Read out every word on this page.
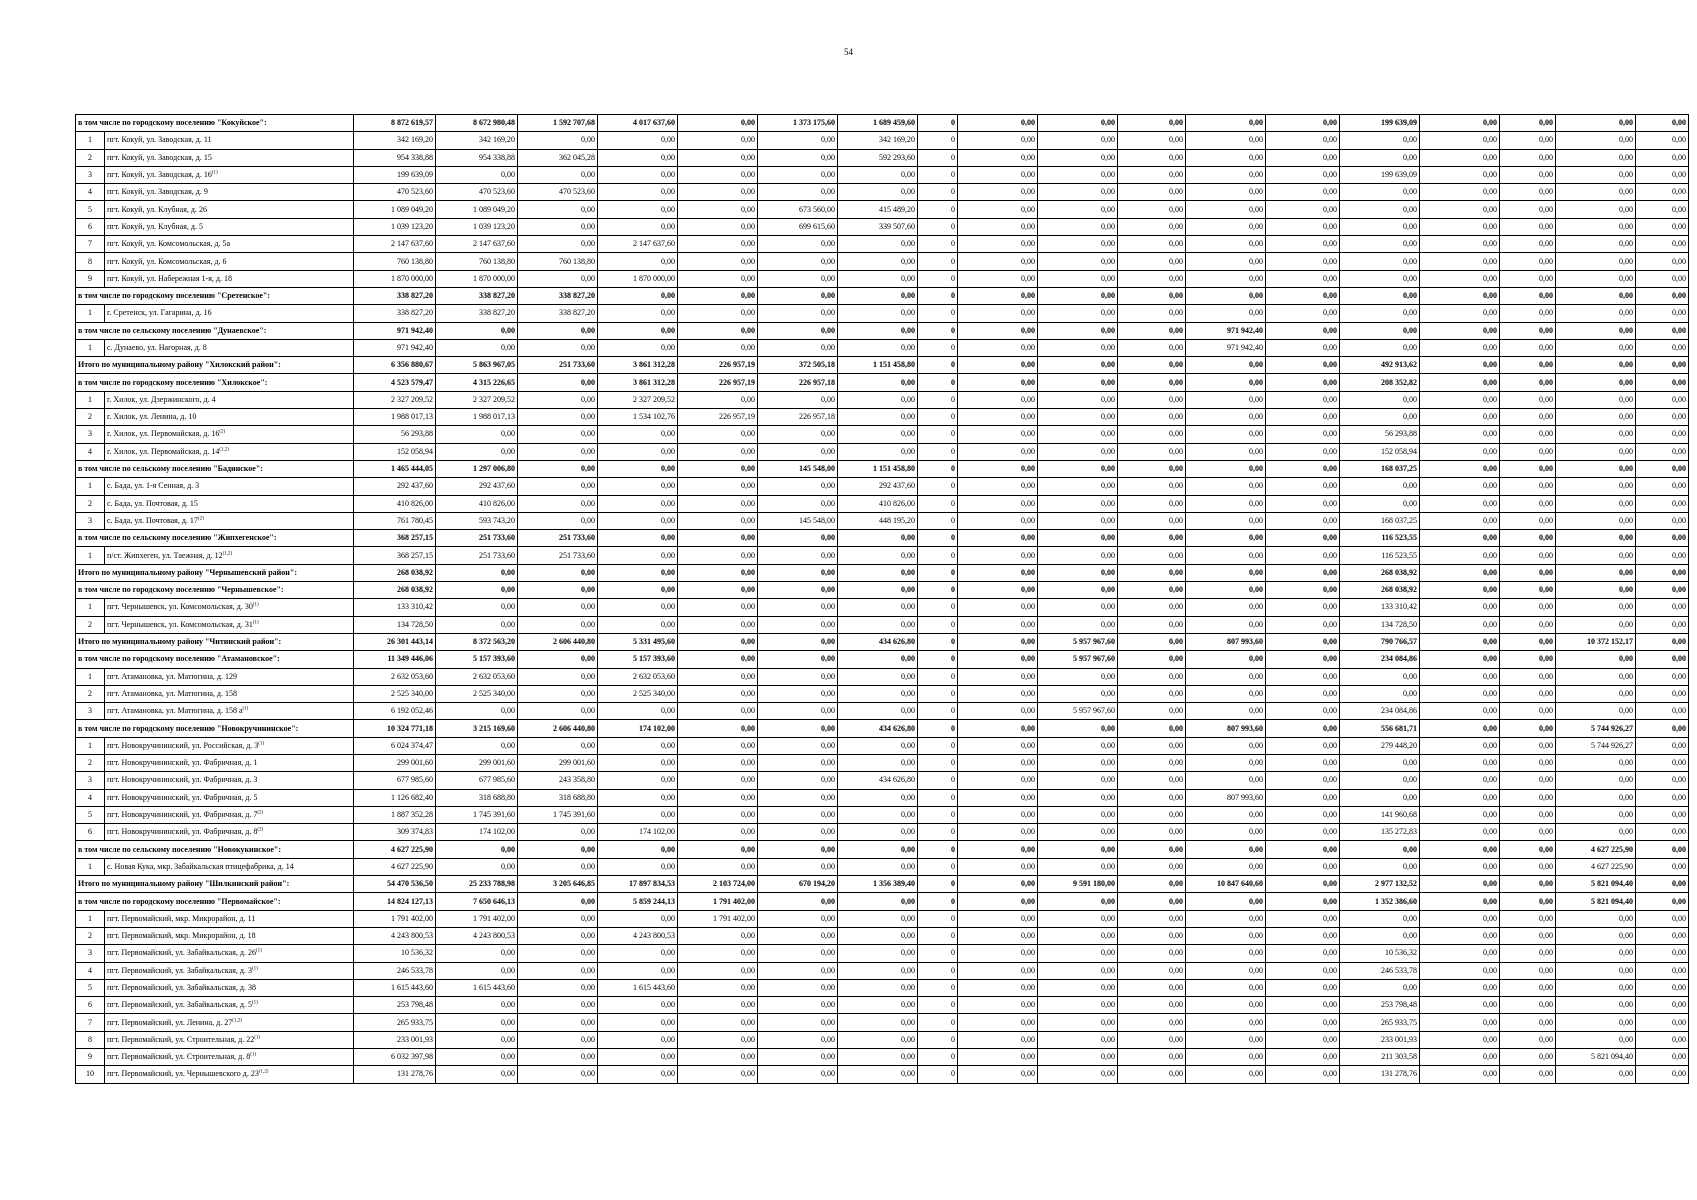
54
в том числе по городскому поселению "Кокуйское":		8 872 619,57	8 672 980,48	1 592 707,68	4 017 637,60	0,00	1 373 175,60	1 689 459,60	0	0,00	0,00	0,00	0,00	0,00	199 639,09	0,00	0,00	0,00	0,00
1	пгт. Кокуй, ул. Заводская, д. 11	342 169,20	342 169,20	0,00	0,00	0,00	0,00	342 169,20	0	0,00	0,00	0,00	0,00	0,00	0,00	0,00	0,00	0,00	0,00
2	пгт. Кокуй, ул. Заводская, д. 15	954 338,88	954 338,88	362 045,28	0,00	0,00	0,00	592 293,60	0	0,00	0,00	0,00	0,00	0,00	0,00	0,00	0,00	0,00	0,00
3	пгт. Кокуй, ул. Заводская, д. 16$^{(1)}$	199 639,09	0,00	0,00	0,00	0,00	0,00	0,00	0	0,00	0,00	0,00	0,00	0,00	199 639,09	0,00	0,00	0,00	0,00
4	пгт. Кокуй, ул. Заводская, д. 9	470 523,60	470 523,60	470 523,60	0,00	0,00	0,00	0,00	0	0,00	0,00	0,00	0,00	0,00	0,00	0,00	0,00	0,00	0,00
5	пгт. Кокуй, ул. Клубная, д. 26	1 089 049,20	1 089 049,20	0,00	0,00	0,00	673 560,00	415 489,20	0	0,00	0,00	0,00	0,00	0,00	0,00	0,00	0,00	0,00	0,00
6	пгт. Кокуй, ул. Клубная, д. 5	1 039 123,20	1 039 123,20	0,00	0,00	0,00	699 615,60	339 507,60	0	0,00	0,00	0,00	0,00	0,00	0,00	0,00	0,00	0,00	0,00
7	пгт. Кокуй, ул. Комсомольская, д. 5а	2 147 637,60	2 147 637,60	0,00	2 147 637,60	0,00	0,00	0,00	0	0,00	0,00	0,00	0,00	0,00	0,00	0,00	0,00	0,00	0,00
8	пгт. Кокуй, ул. Комсомольская, д. 6	760 138,80	760 138,80	760 138,80	0,00	0,00	0,00	0,00	0	0,00	0,00	0,00	0,00	0,00	0,00	0,00	0,00	0,00	0,00
9	пгт. Кокуй, ул. Набережная 1-я, д. 18	1 870 000,00	1 870 000,00	0,00	1 870 000,00	0,00	0,00	0,00	0	0,00	0,00	0,00	0,00	0,00	0,00	0,00	0,00	0,00	0,00
в том числе по городскому поселению "Сретенское":		338 827,20	338 827,20	338 827,20	0,00	0,00	0,00	0,00	0	0,00	0,00	0,00	0,00	0,00	0,00	0,00	0,00	0,00	0,00
1	г. Сретенск, ул. Гагарина, д. 16	338 827,20	338 827,20	338 827,20	0,00	0,00	0,00	0,00	0	0,00	0,00	0,00	0,00	0,00	0,00	0,00	0,00	0,00	0,00
в том числе по сельскому поселению "Дунаевское":		971 942,40	0,00	0,00	0,00	0,00	0,00	0,00	0	0,00	0,00	0,00	971 942,40	0,00	0,00	0,00	0,00	0,00	0,00
1	с. Дунаево, ул. Нагорная, д. 8	971 942,40	0,00	0,00	0,00	0,00	0,00	0,00	0	0,00	0,00	0,00	971 942,40	0,00	0,00	0,00	0,00	0,00	0,00
Итого по муниципальному району "Хилокский район":		6 356 880,67	5 863 967,05	251 733,60	3 861 312,28	226 957,19	372 505,18	1 151 458,80	0	0,00	0,00	0,00	0,00	0,00	492 913,62	0,00	0,00	0,00	0,00
в том числе по городскому поселению "Хилокское":		4 523 579,47	4 315 226,65	0,00	3 861 312,28	226 957,19	226 957,18	0,00	0	0,00	0,00	0,00	0,00	0,00	208 352,82	0,00	0,00	0,00	0,00
1	г. Хилок, ул. Дзержинского, д. 4	2 327 209,52	2 327 209,52	0,00	2 327 209,52	0,00	0,00	0,00	0	0,00	0,00	0,00	0,00	0,00	0,00	0,00	0,00	0,00	0,00
2	г. Хилок, ул. Ленина, д. 10	1 988 017,13	1 988 017,13	0,00	1 534 102,76	226 957,19	226 957,18	0,00	0	0,00	0,00	0,00	0,00	0,00	0,00	0,00	0,00	0,00	0,00
3	г. Хилок, ул. Первомайская, д. 16$^{(2)}$	56 293,88	0,00	0,00	0,00	0,00	0,00	0,00	0	0,00	0,00	0,00	0,00	0,00	56 293,88	0,00	0,00	0,00	0,00
4	г. Хилок, ул. Первомайская, д. 14$^{(1,2)}$	152 058,94	0,00	0,00	0,00	0,00	0,00	0,00	0	0,00	0,00	0,00	0,00	0,00	152 058,94	0,00	0,00	0,00	0,00
в том числе по сельскому поселению "Бадинское":		1 465 444,05	1 297 006,80	0,00	0,00	0,00	145 548,00	1 151 458,80	0	0,00	0,00	0,00	0,00	0,00	168 037,25	0,00	0,00	0,00	0,00
1	с. Бада, ул. 1-я Сенная, д. 3	292 437,60	292 437,60	0,00	0,00	0,00	0,00	292 437,60	0	0,00	0,00	0,00	0,00	0,00	0,00	0,00	0,00	0,00	0,00
2	с. Бада, ул. Почтовая, д. 15	410 826,00	410 826,00	0,00	0,00	0,00	0,00	410 826,00	0	0,00	0,00	0,00	0,00	0,00	0,00	0,00	0,00	0,00	0,00
3	с. Бада, ул. Почтовая, д. 17$^{(2)}$	761 780,45	593 743,20	0,00	0,00	0,00	145 548,00	448 195,20	0	0,00	0,00	0,00	0,00	0,00	168 037,25	0,00	0,00	0,00	0,00
в том числе по сельскому поселению "Жипхегенское":		368 257,15	251 733,60	251 733,60	0,00	0,00	0,00	0,00	0	0,00	0,00	0,00	0,00	0,00	116 523,55	0,00	0,00	0,00	0,00
1	п/ст. Жипхеген, ул. Таежная, д. 12$^{(1,2)}$	368 257,15	251 733,60	251 733,60	0,00	0,00	0,00	0,00	0	0,00	0,00	0,00	0,00	0,00	116 523,55	0,00	0,00	0,00	0,00
Итого по муниципальному району "Чернышевский район":		268 038,92	0,00	0,00	0,00	0,00	0,00	0,00	0	0,00	0,00	0,00	0,00	0,00	268 038,92	0,00	0,00	0,00	0,00
в том числе по городскому поселению "Чернышевское":		268 038,92	0,00	0,00	0,00	0,00	0,00	0,00	0	0,00	0,00	0,00	0,00	0,00	268 038,92	0,00	0,00	0,00	0,00
1	пгт. Чернышевск, ул. Комсомольская, д. 30$^{(1)}$	133 310,42	0,00	0,00	0,00	0,00	0,00	0,00	0	0,00	0,00	0,00	0,00	0,00	133 310,42	0,00	0,00	0,00	0,00
2	пгт. Чернышевск, ул. Комсомольская, д. 31$^{(1)}$	134 728,50	0,00	0,00	0,00	0,00	0,00	0,00	0	0,00	0,00	0,00	0,00	0,00	134 728,50	0,00	0,00	0,00	0,00
Итого по муниципальному району "Читинский район":		26 301 443,14	8 372 563,20	2 606 440,80	5 331 495,60	0,00	0,00	434 626,80	0	0,00	5 957 967,60	0,00	807 993,60	0,00	790 766,57	0,00	0,00	10 372 152,17	0,00
в том числе по городскому поселению "Атамановское":		11 349 446,06	5 157 393,60	0,00	5 157 393,60	0,00	0,00	0,00	0	0,00	5 957 967,60	0,00	0,00	0,00	234 084,86	0,00	0,00	0,00	0,00
1	пгт. Атамановка, ул. Матюгина, д. 129	2 632 053,60	2 632 053,60	0,00	2 632 053,60	0,00	0,00	0,00	0	0,00	0,00	0,00	0,00	0,00	0,00	0,00	0,00	0,00	0,00
2	пгт. Атамановка, ул. Матюгина, д. 158	2 525 340,00	2 525 340,00	0,00	2 525 340,00	0,00	0,00	0,00	0	0,00	0,00	0,00	0,00	0,00	0,00	0,00	0,00	0,00	0,00
3	пгт. Атамановка, ул. Матюгина, д. 158 $а^{(1)}$	6 192 052,46	0,00	0,00	0,00	0,00	0,00	0,00	0	0,00	5 957 967,60	0,00	0,00	0,00	234 084,86	0,00	0,00	0,00	0,00
в том числе по городскому поселению "Новокручининское":		10 324 771,18	3 215 169,60	2 606 440,80	174 102,00	0,00	0,00	434 626,80	0	0,00	0,00	0,00	807 993,60	0,00	556 681,71	0,00	0,00	5 744 926,27	0,00
1	пгт. Новокручининский, ул. Российская, д. 3$^{(1)}$	6 024 374,47	0,00	0,00	0,00	0,00	0,00	0,00	0	0,00	0,00	0,00	0,00	0,00	279 448,20	0,00	0,00	5 744 926,27	0,00
2	пгт. Новокручининский, ул. Фабричная, д. 1	299 001,60	299 001,60	299 001,60	0,00	0,00	0,00	0,00	0	0,00	0,00	0,00	0,00	0,00	0,00	0,00	0,00	0,00	0,00
3	пгт. Новокручининский, ул. Фабричная, д. 3	677 985,60	677 985,60	243 358,80	0,00	0,00	0,00	434 626,80	0	0,00	0,00	0,00	0,00	0,00	0,00	0,00	0,00	0,00	0,00
4	пгт. Новокручининский, ул. Фабричная, д. 5	1 126 682,40	318 688,80	318 688,80	0,00	0,00	0,00	0,00	0	0,00	0,00	0,00	807 993,60	0,00	0,00	0,00	0,00	0,00	0,00
5	пгт. Новокручининский, ул. Фабричная, д. 7$^{(2)}$	1 887 352,28	1 745 391,60	1 745 391,60	0,00	0,00	0,00	0,00	0	0,00	0,00	0,00	0,00	0,00	141 960,68	0,00	0,00	0,00	0,00
6	пгт. Новокручининский, ул. Фабричная, д. 8$^{(2)}$	309 374,83	174 102,00	0,00	174 102,00	0,00	0,00	0,00	0	0,00	0,00	0,00	0,00	0,00	135 272,83	0,00	0,00	0,00	0,00
в том числе по сельскому поселению "Новокукинское":		4 627 225,90	0,00	0,00	0,00	0,00	0,00	0,00	0	0,00	0,00	0,00	0,00	0,00	0,00	0,00	0,00	4 627 225,90	0,00
1	с. Новая Кука, мкр. Забайкальская птицефабрика, д. 14	4 627 225,90	0,00	0,00	0,00	0,00	0,00	0,00	0	0,00	0,00	0,00	0,00	0,00	0,00	0,00	0,00	4 627 225,90	0,00
Итого по муниципальному району "Шилкинский район":		54 470 536,50	25 233 788,98	3 205 646,85	17 897 834,53	2 103 724,00	670 194,20	1 356 389,40	0	0,00	9 591 180,00	0,00	10 847 640,60	0,00	2 977 132,52	0,00	0,00	5 821 094,40	0,00
в том числе по городскому поселению "Первомайское":		14 824 127,13	7 650 646,13	0,00	5 859 244,13	1 791 402,00	0,00	0,00	0	0,00	0,00	0,00	0,00	0,00	1 352 386,60	0,00	0,00	5 821 094,40	0,00
1	пгт. Первомайский, мкр. Микрорайон, д. 11	1 791 402,00	1 791 402,00	0,00	0,00	1 791 402,00	0,00	0,00	0	0,00	0,00	0,00	0,00	0,00	0,00	0,00	0,00	0,00	0,00
2	пгт. Первомайский, мкр. Микрорайон, д. 18	4 243 800,53	4 243 800,53	0,00	4 243 800,53	0,00	0,00	0,00	0	0,00	0,00	0,00	0,00	0,00	0,00	0,00	0,00	0,00	0,00
3	пгт. Первомайский, ул. Забайкальская, д. 26$^{(1)}$	10 536,32	0,00	0,00	0,00	0,00	0,00	0,00	0	0,00	0,00	0,00	0,00	0,00	10 536,32	0,00	0,00	0,00	0,00
4	пгт. Первомайский, ул. Забайкальская, д. 3$^{(1)}$	246 533,78	0,00	0,00	0,00	0,00	0,00	0,00	0	0,00	0,00	0,00	0,00	0,00	246 533,78	0,00	0,00	0,00	0,00
5	пгт. Первомайский, ул. Забайкальская, д. 38	1 615 443,60	1 615 443,60	0,00	1 615 443,60	0,00	0,00	0,00	0	0,00	0,00	0,00	0,00	0,00	0,00	0,00	0,00	0,00	0,00
6	пгт. Первомайский, ул. Забайкальская, д. 5$^{(1)}$	253 798,48	0,00	0,00	0,00	0,00	0,00	0,00	0	0,00	0,00	0,00	0,00	0,00	253 798,48	0,00	0,00	0,00	0,00
7	пгт. Первомайский, ул. Ленина, д. 27$^{(1,2)}$	265 933,75	0,00	0,00	0,00	0,00	0,00	0,00	0	0,00	0,00	0,00	0,00	0,00	265 933,75	0,00	0,00	0,00	0,00
8	пгт. Первомайский, ул. Строительная, д. 22$^{(1)}$	233 001,93	0,00	0,00	0,00	0,00	0,00	0,00	0	0,00	0,00	0,00	0,00	0,00	233 001,93	0,00	0,00	0,00	0,00
9	пгт. Первомайский, ул. Строительная, д. 8$^{(1)}$	6 032 397,98	0,00	0,00	0,00	0,00	0,00	0,00	0	0,00	0,00	0,00	0,00	0,00	211 303,58	0,00	0,00	5 821 094,40	0,00
10	пгт. Первомайский, ул. Чернышевского д. 23$^{(1,2)}$	131 278,76	0,00	0,00	0,00	0,00	0,00	0,00	0	0,00	0,00	0,00	0,00	0,00	131 278,76	0,00	0,00	0,00	0,00
